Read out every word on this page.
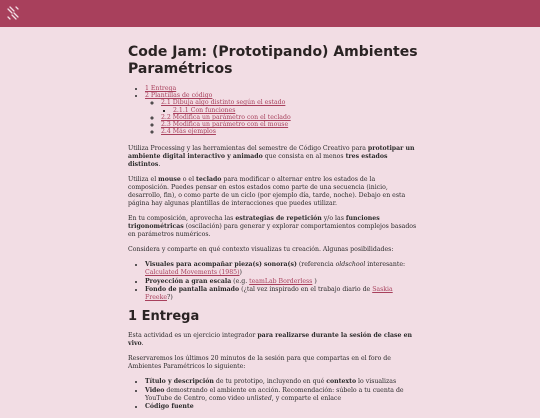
Code Jam: (Prototipando) Ambientes Paramétricos
• 1 Entrega
• 2 Plantillas de código
◦ 2.1 Dibuja algo distinto según el estado
▪ 2.1.1 Con funciones
◦ 2.2 Modifica un parámetro con el teclado
◦ 2.3 Modifica un parámetro con el mouse
◦ 2.4 Más ejemplos

Utiliza Processing y las herramientas del semestre de Código Creativo para prototipar un ambiente digital interactivo y animado que consista en al menos tres estados distintos.

Utiliza el mouse o el teclado para modificar o alternar entre los estados de la composición. Puedes pensar en estos estados como parte de una secuencia (inicio, desarrollo, fin), o como parte de un ciclo (por ejemplo día, tarde, noche). Debajo en esta página hay algunas plantillas de interacciones que puedes utilizar.

En tu composición, aprovecha las estrategias de repetición y/o las funciones trigonométricas (oscilación) para generar y explorar comportamientos complejos basados en parámetros numéricos.

Considera y comparte en qué contexto visualizas tu creación. Algunas posibilidades:

• Visuales para acompañar pieza(s) sonora(s) (referencia oldschool interesante: Calculated Movements (1985))
• Proyección a gran escala (e.g. teamLab Borderless )
• Fondo de pantalla animado (¿tal vez inspirado en el trabajo diario de Saskia Freeke?)
1 Entrega

Esta actividad es un ejercicio integrador para realizarse durante la sesión de clase en vivo.

Reservaremos los últimos 20 minutos de la sesión para que compartas en el foro de Ambientes Paramétricos lo siguiente:

• Título y descripción de tu prototipo, incluyendo en qué contexto lo visualizas
• Video demostrando el ambiente en acción. Recomendación: súbelo a tu cuenta de YouTube de Centro, como video unlisted, y comparte el enlace
• Código fuente
